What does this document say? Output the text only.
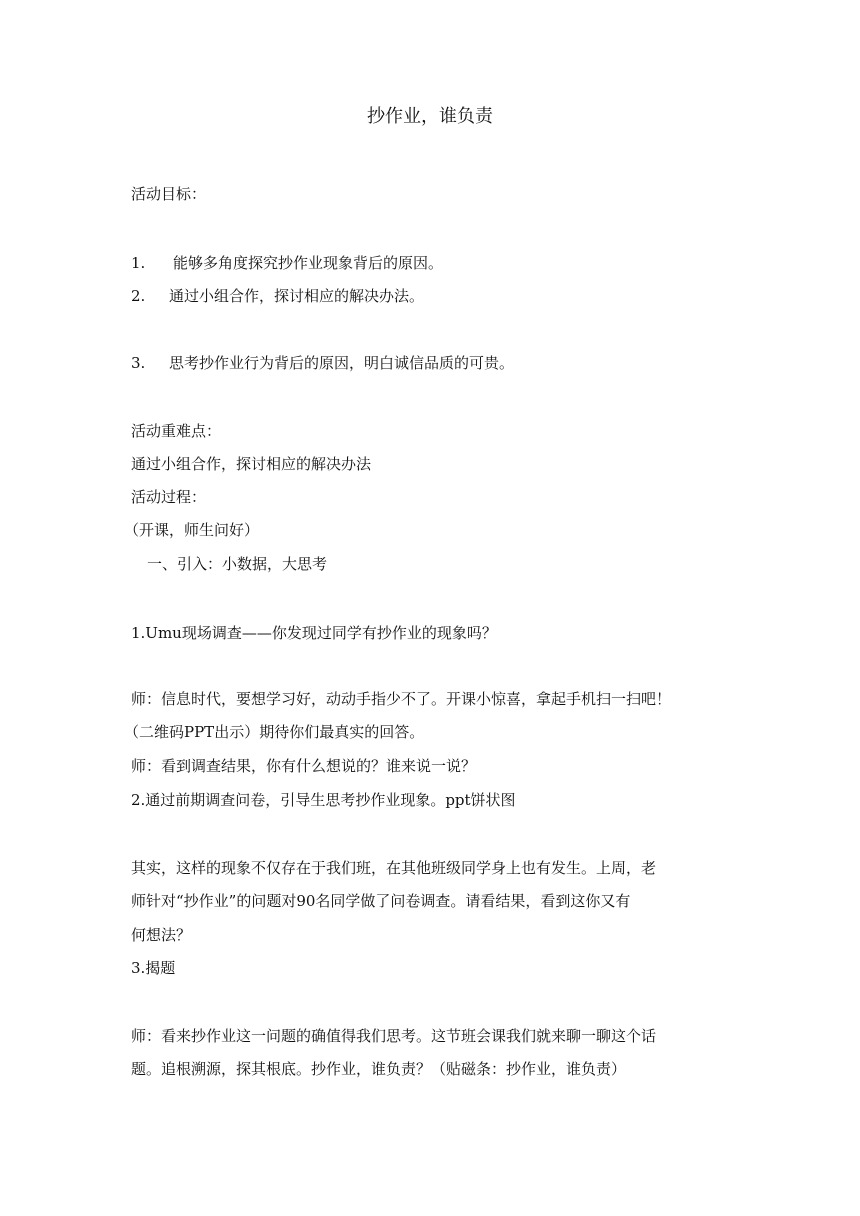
抄作业，谁负责
活动目标：
1. 能够多角度探究抄作业现象背后的原因。
2. 通过小组合作，探讨相应的解决办法。
3. 思考抄作业行为背后的原因，明白诚信品质的可贵。
活动重难点：
通过小组合作，探讨相应的解决办法
活动过程：
（开课，师生问好）
一、引入：小数据，大思考
1.Umu现场调查——你发现过同学有抄作业的现象吗？
师：信息时代，要想学习好，动动手指少不了。开课小惊喜，拿起手机扫一扫吧！
（二维码PPT出示）期待你们最真实的回答。
师：看到调查结果，你有什么想说的？谁来说一说？
2.通过前期调查问卷，引导生思考抄作业现象。ppt饼状图
其实，这样的现象不仅存在于我们班，在其他班级同学身上也有发生。上周，老
师针对“抄作业”的问题对90名同学做了问卷调查。请看结果，看到这你又有
何想法？
3.揭题
师：看来抄作业这一问题的确值得我们思考。这节班会课我们就来聊一聊这个话
题。追根溯源，探其根底。抄作业，谁负责？（贴磁条：抄作业，谁负责）
